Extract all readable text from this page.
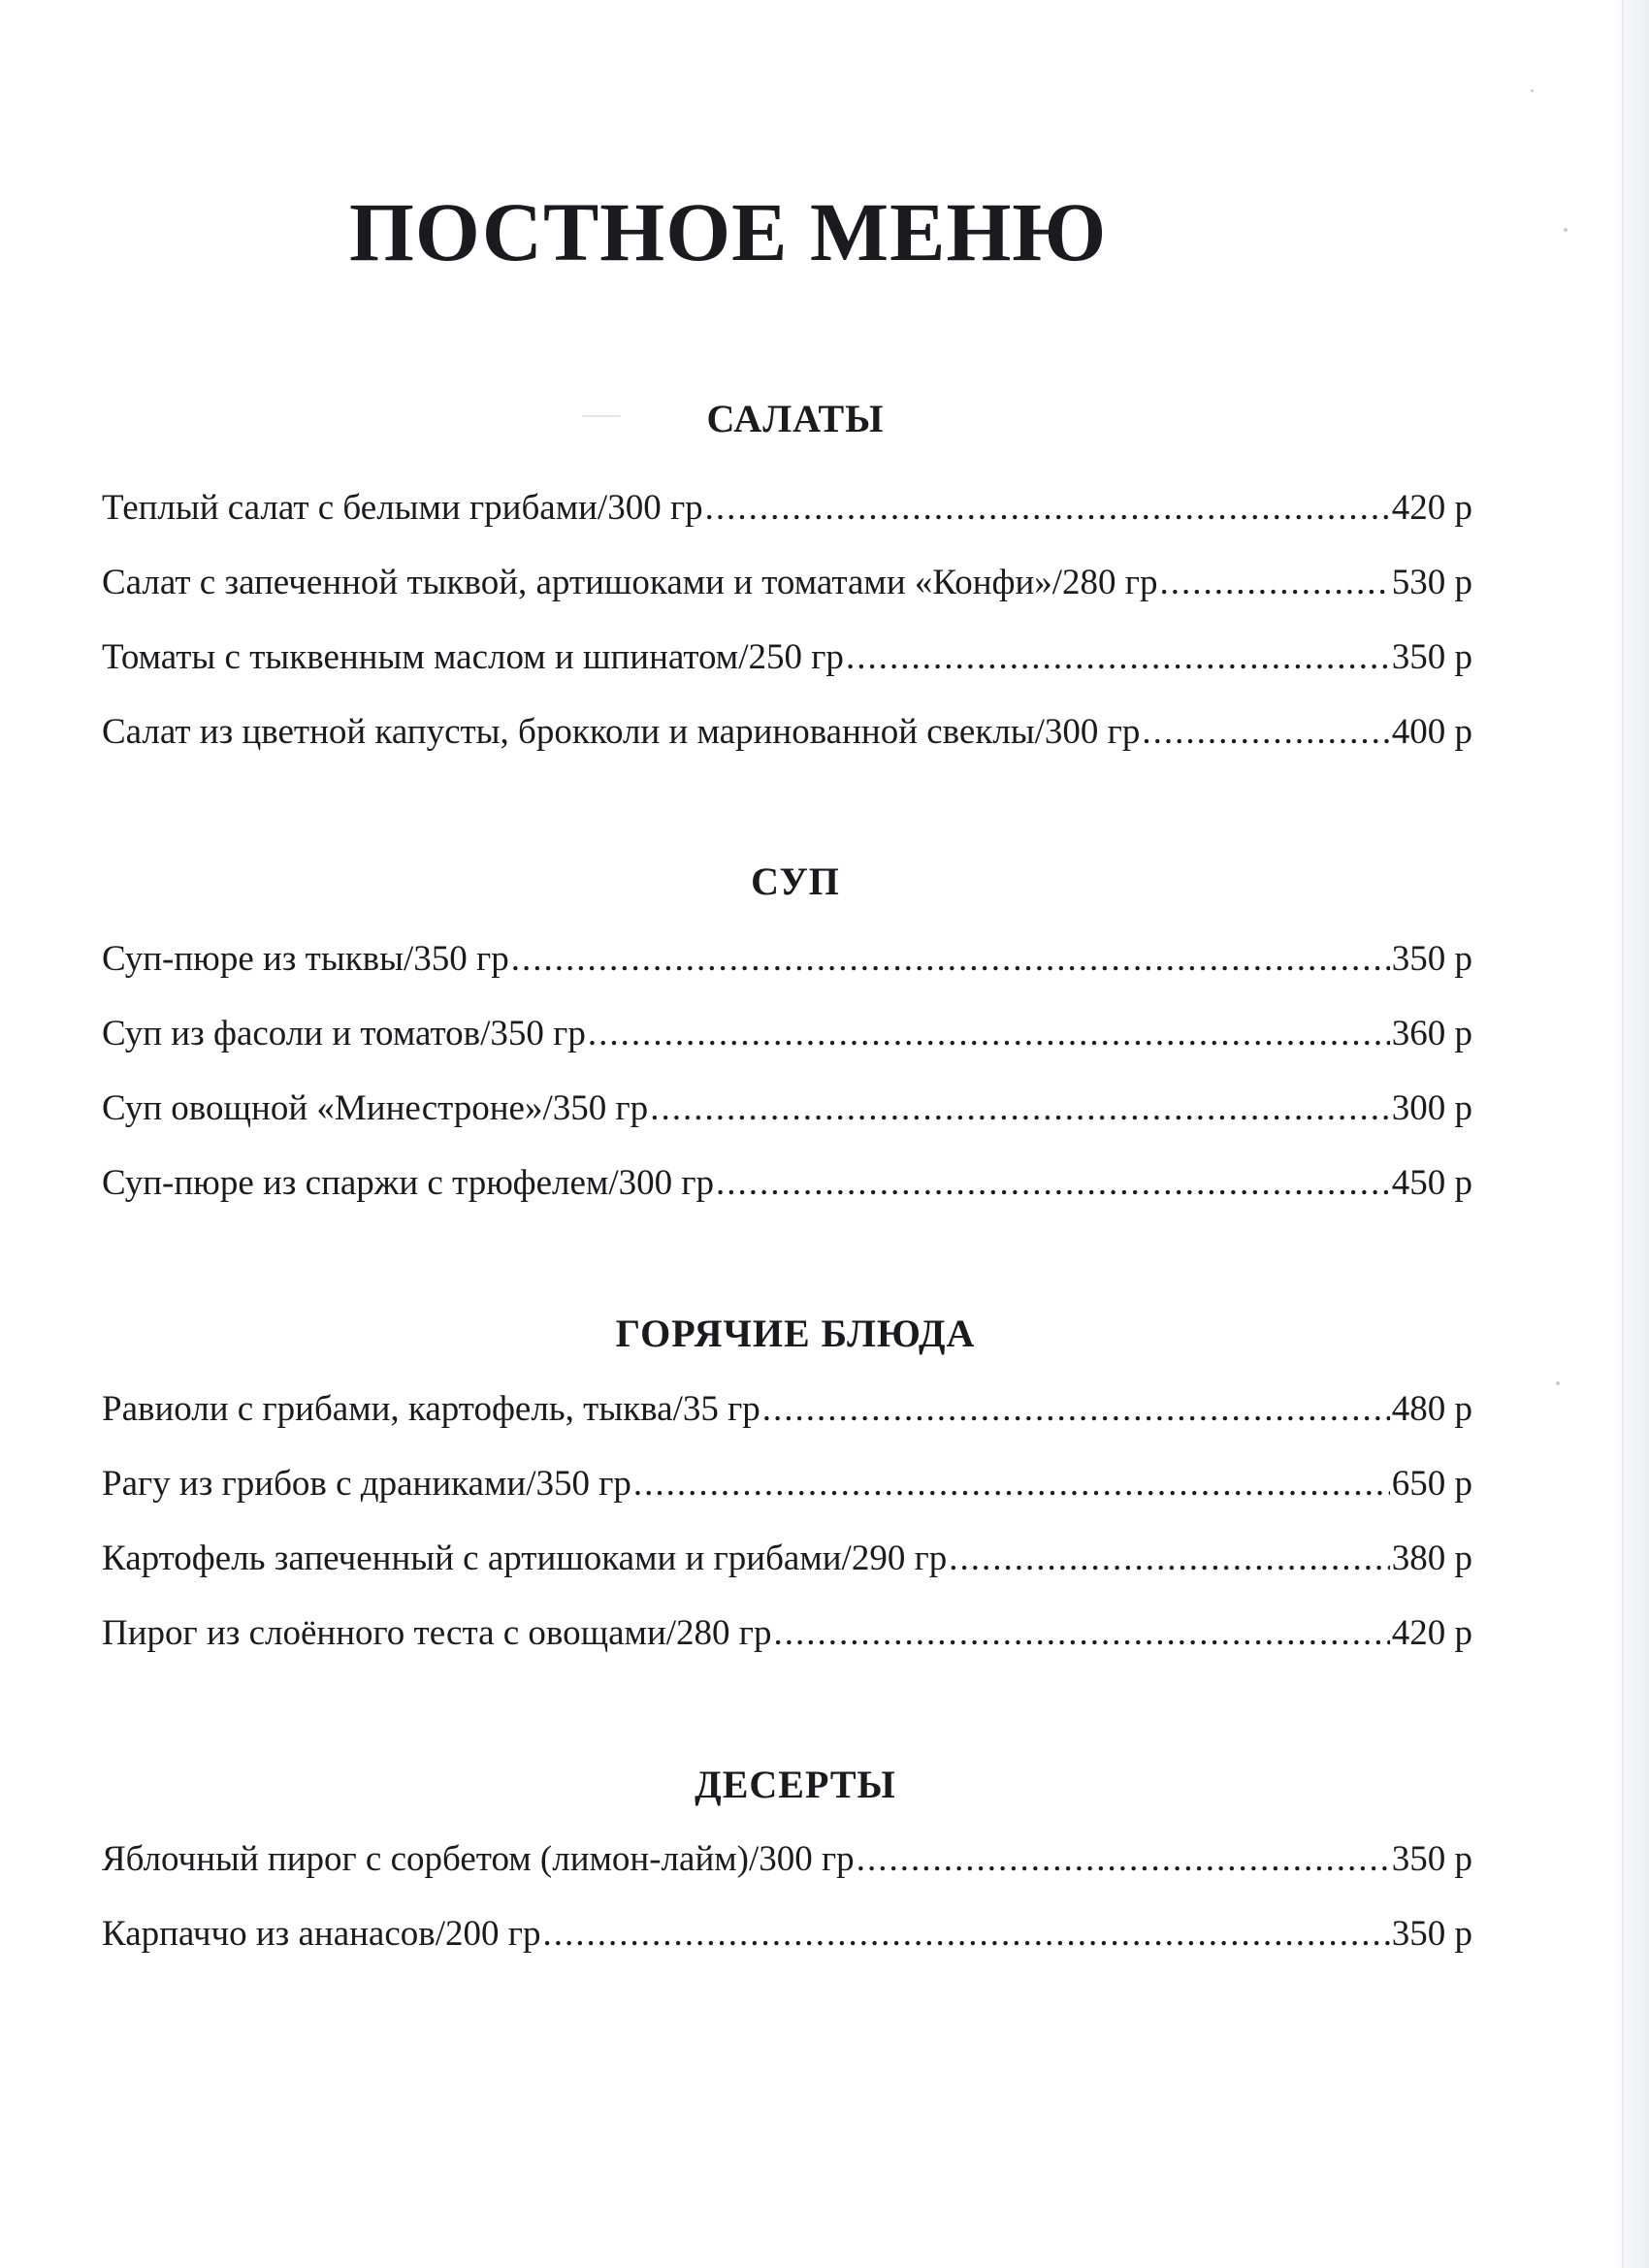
ПОСТНОЕ МЕНЮ
САЛАТЫ
Теплый салат с белыми грибами/300 гр .....	420 р
Салат с запеченной тыквой, артишоками и томатами «Конфи»/280 гр .....	530 р
Томаты с тыквенным маслом и шпинатом/250 гр .....	350 р
Салат из цветной капусты, брокколи и маринованной свеклы/300 гр .....	400 р
СУП
Суп-пюре из тыквы/350 гр .....	350 р
Суп из фасоли и томатов/350 гр .....	360 р
Суп овощной «Минестроне»/350 гр .....	300 р
Суп-пюре из спаржи с трюфелем/300 гр .....	450 р
ГОРЯЧИЕ БЛЮДА
Равиоли с грибами, картофель, тыква/35 гр .....	480 р
Рагу из грибов с драниками/350 гр .....	650 р
Картофель запеченный с артишоками и грибами/290 гр .....	380 р
Пирог из слоённого теста с овощами/280 гр .....	420 р
ДЕСЕРТЫ
Яблочный пирог с сорбетом (лимон-лайм)/300 гр .....	350 р
Карпаччо из ананасов/200 гр .....	350 р
